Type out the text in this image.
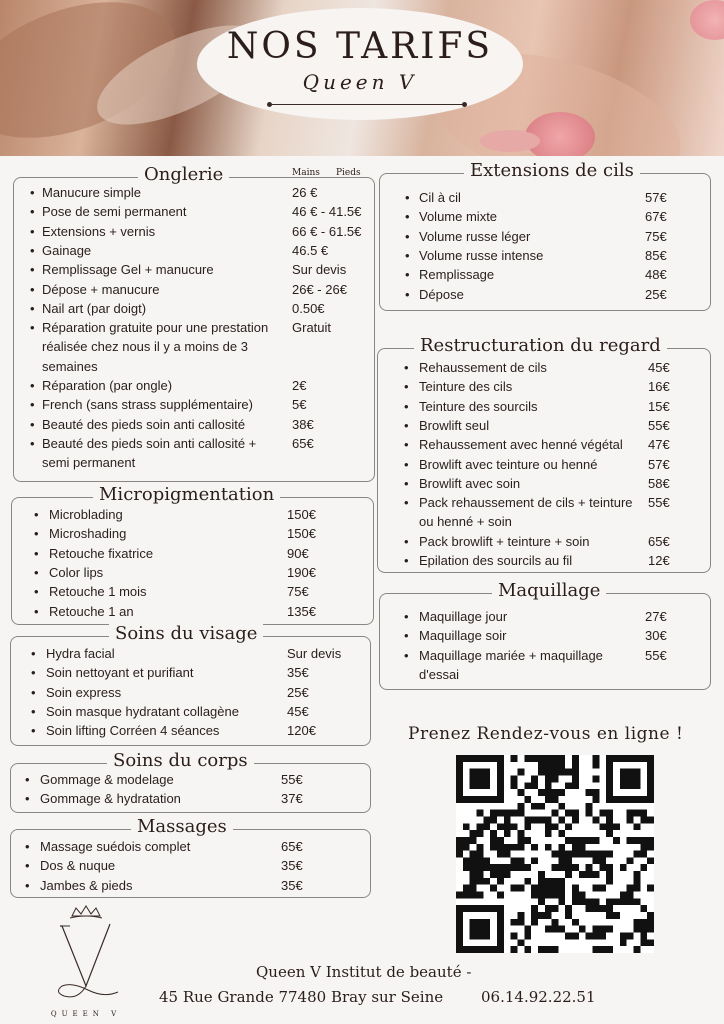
NOS TARIFS
Queen V
Onglerie	Mains Pieds
• Manucure simple	26 €
• Pose de semi permanent	46 € - 41.5€
• Extensions + vernis	66 € - 61.5€
• Gainage	46.5 €
• Remplissage Gel + manucure	Sur devis
• Dépose + manucure	26€ - 26€
• Nail art (par doigt)	0.50€
• Réparation gratuite pour une prestation réalisée chez nous il y a moins de 3 semaines
Gratuit
• Réparation (par ongle)	2€
• French (sans strass supplémentaire)	5€
• Beauté des pieds soin anti callosité	38€
• Beauté des pieds soin anti callosité + semi permanent
65€
Micropigmentation
• Microblading	150€
• Microshading	150€
• Retouche fixatrice	90€
• Color lips	190€
• Retouche 1 mois	75€
• Retouche 1 an	135€
Soins du visage
• Hydra facial	Sur devis
• Soin nettoyant et purifiant	35€
• Soin express	25€
• Soin masque hydratant collagène	45€
• Soin lifting Corréen 4 séances	120€
Soins du corps
• Gommage & modelage	55€
• Gommage & hydratation	37€
Massages
• Massage suédois complet	65€
• Dos & nuque	35€
• Jambes & pieds	35€
Extensions de cils
• Cil à cil	57€
• Volume mixte	67€
• Volume russe léger	75€
• Volume russe intense	85€
• Remplissage	48€
• Dépose	25€
Restructuration du regard
• Rehaussement de cils	45€
• Teinture des cils	16€
• Teinture des sourcils	15€
• Browlift seul	55€
• Rehaussement avec henné végétal	47€
• Browlift avec teinture ou henné	57€
• Browlift avec soin	58€
• Pack rehaussement de cils + teinture ou henné + soin
55€
• Pack browlift + teinture + soin	65€
• Epilation des sourcils au fil	12€
Maquillage
• Maquillage jour	27€
• Maquillage soir	30€
• Maquillage mariée + maquillage d'essai
55€
Prenez Rendez-vous en ligne !
QUEEN V
Queen V Institut de beauté -
45 Rue Grande 77480 Bray sur Seine	06.14.92.22.51
